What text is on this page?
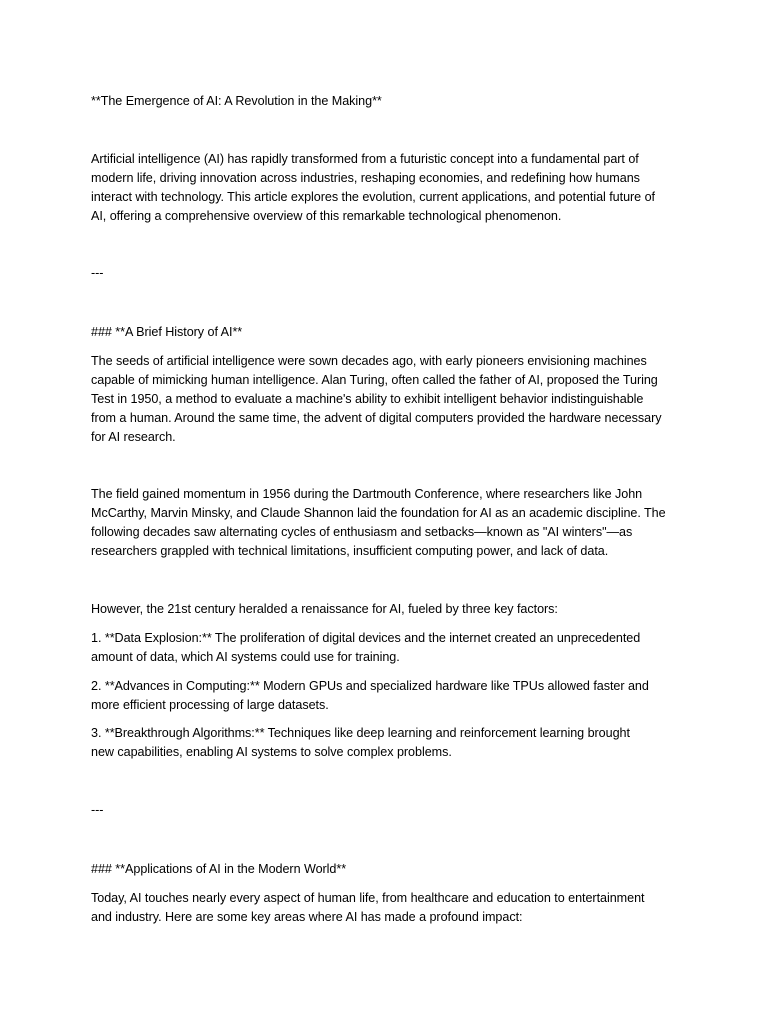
**The Emergence of AI: A Revolution in the Making**
Artificial intelligence (AI) has rapidly transformed from a futuristic concept into a fundamental part of
modern life, driving innovation across industries, reshaping economies, and redefining how humans
interact with technology. This article explores the evolution, current applications, and potential future of
AI, offering a comprehensive overview of this remarkable technological phenomenon.
---
### **A Brief History of AI**
The seeds of artificial intelligence were sown decades ago, with early pioneers envisioning machines
capable of mimicking human intelligence. Alan Turing, often called the father of AI, proposed the Turing
Test in 1950, a method to evaluate a machine's ability to exhibit intelligent behavior indistinguishable
from a human. Around the same time, the advent of digital computers provided the hardware necessary
for AI research.
The field gained momentum in 1956 during the Dartmouth Conference, where researchers like John
McCarthy, Marvin Minsky, and Claude Shannon laid the foundation for AI as an academic discipline. The
following decades saw alternating cycles of enthusiasm and setbacks—known as "AI winters"—as
researchers grappled with technical limitations, insufficient computing power, and lack of data.
However, the 21st century heralded a renaissance for AI, fueled by three key factors:
1. **Data Explosion:** The proliferation of digital devices and the internet created an unprecedented
amount of data, which AI systems could use for training.
2. **Advances in Computing:** Modern GPUs and specialized hardware like TPUs allowed faster and
more efficient processing of large datasets.
3. **Breakthrough Algorithms:** Techniques like deep learning and reinforcement learning brought
new capabilities, enabling AI systems to solve complex problems.
---
### **Applications of AI in the Modern World**
Today, AI touches nearly every aspect of human life, from healthcare and education to entertainment
and industry. Here are some key areas where AI has made a profound impact:
